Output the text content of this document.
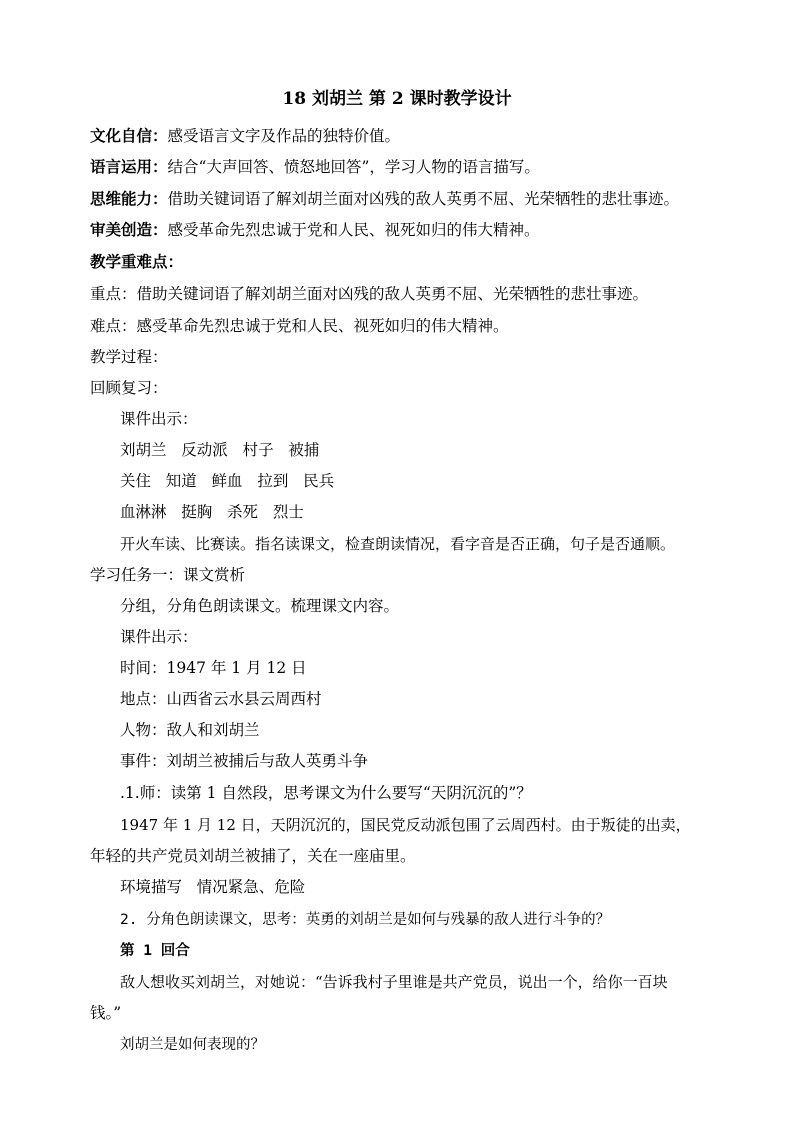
18 刘胡兰 第 2 课时教学设计
文化自信：感受语言文字及作品的独特价值。
语言运用：结合“大声回答、愤怒地回答”，学习人物的语言描写。
思维能力：借助关键词语了解刘胡兰面对凶残的敌人英勇不屈、光荣牺牲的悲壮事迹。
审美创造：感受革命先烈忠诚于党和人民、视死如归的伟大精神。
教学重难点：
重点：借助关键词语了解刘胡兰面对凶残的敌人英勇不屈、光荣牺牲的悲壮事迹。
难点：感受革命先烈忠诚于党和人民、视死如归的伟大精神。
教学过程：
回顾复习：
课件出示：
刘胡兰   反动派   村子   被捕
关住   知道   鲜血   拉到   民兵
血淋淋   挺胸   杀死   烈士
开火车读、比赛读。指名读课文，检查朗读情况，看字音是否正确，句子是否通顺。
学习任务一：课文赏析
分组，分角色朗读课文。梳理课文内容。
课件出示：
时间：1947 年 1 月 12 日
地点：山西省云水县云周西村
人物：敌人和刘胡兰
事件：刘胡兰被捕后与敌人英勇斗争
.1.师：读第 1 自然段，思考课文为什么要写“天阴沉沉的”？
1947 年 1 月 12 日，天阴沉沉的，国民党反动派包围了云周西村。由于叛徒的出卖，
年轻的共产党员刘胡兰被捕了，关在一座庙里。
环境描写   情况紧急、危险
2. 分角色朗读课文，思考：英勇的刘胡兰是如何与残暴的敌人进行斗争的？
第 1 回合
敌人想收买刘胡兰，对她说：“告诉我村子里谁是共产党员，说出一个，给你一百块
钱。”
刘胡兰是如何表现的？
